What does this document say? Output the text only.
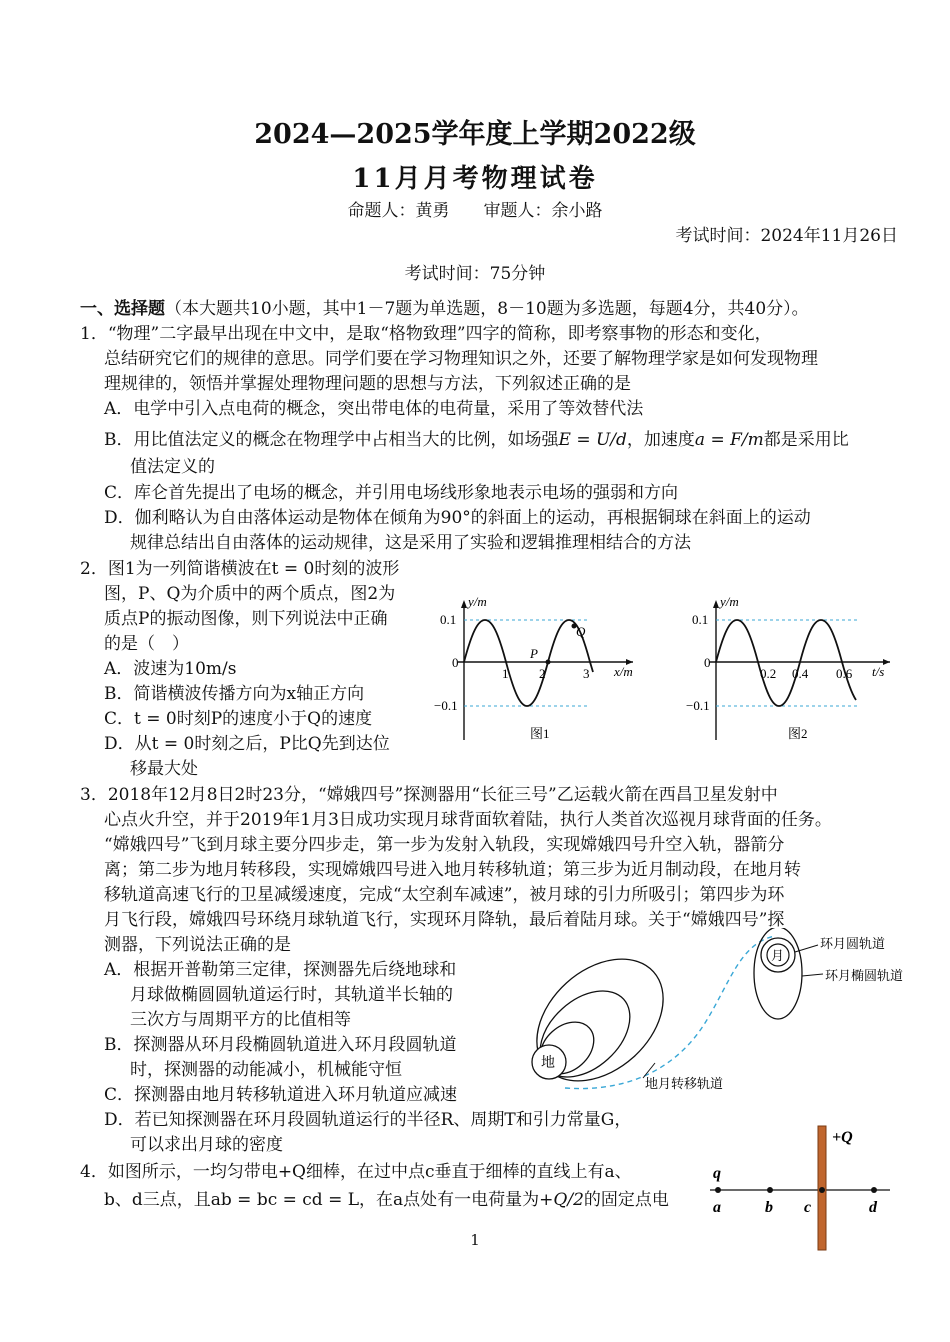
2024—2025学年度上学期2022级
11月月考物理试卷
命题人：黄勇　　审题人：余小路
考试时间：2024年11月26日
考试时间：75分钟
一、选择题（本大题共10小题，其中1－7题为单选题，8－10题为多选题，每题4分，共40分）。
1．“物理”二字最早出现在中文中，是取“格物致理”四字的简称，即考察事物的形态和变化，
总结研究它们的规律的意思。同学们要在学习物理知识之外，还要了解物理学家是如何发现物理
理规律的，领悟并掌握处理物理问题的思想与方法，下列叙述正确的是
A．电学中引入点电荷的概念，突出带电体的电荷量，采用了等效替代法
B．用比值法定义的概念在物理学中占相当大的比例，如场强E = U/d，加速度a = F/m都是采用比
值法定义的
C．库仑首先提出了电场的概念，并引用电场线形象地表示电场的强弱和方向
D．伽利略认为自由落体运动是物体在倾角为90°的斜面上的运动，再根据铜球在斜面上的运动
规律总结出自由落体的运动规律，这是采用了实验和逻辑推理相结合的方法
2．图1为一列简谐横波在t = 0时刻的波形
图，P、Q为介质中的两个质点，图2为
质点P的振动图像，则下列说法中正确
的是（　）
A．波速为10m/s
B．简谐横波传播方向为x轴正方向
C．t = 0时刻P的速度小于Q的速度
D．从t = 0时刻之后，P比Q先到达位
移最大处
y/m
x/m
0.1
0
−0.1
1 2	3
P
Q
图1
y/m
t/s
0.1
0
−0.1
0.2 0.4 0.6
图2
3．2018年12月8日2时23分，“嫦娥四号”探测器用“长征三号”乙运载火箭在西昌卫星发射中
心点火升空，并于2019年1月3日成功实现月球背面软着陆，执行人类首次巡视月球背面的任务。
“嫦娥四号”飞到月球主要分四步走，第一步为发射入轨段，实现嫦娥四号升空入轨，器箭分
离；第二步为地月转移段，实现嫦娥四号进入地月转移轨道；第三步为近月制动段，在地月转
移轨道高速飞行的卫星减缓速度，完成“太空刹车减速”，被月球的引力所吸引；第四步为环
月飞行段，嫦娥四号环绕月球轨道飞行，实现环月降轨，最后着陆月球。关于“嫦娥四号”探
测器，下列说法正确的是
A．根据开普勒第三定律，探测器先后绕地球和
月球做椭圆圆轨道运行时，其轨道半长轴的
三次方与周期平方的比值相等
B．探测器从环月段椭圆轨道进入环月段圆轨道
时，探测器的动能减小，机械能守恒
C．探测器由地月转移轨道进入环月轨道应减速
D．若已知探测器在环月段圆轨道运行的半径R、周期T和引力常量G，
可以求出月球的密度
地
月
环月圆轨道
环月椭圆轨道
地月转移轨道
4．如图所示，一均匀带电+Q细棒，在过中点c垂直于细棒的直线上有a、
b、d三点，且ab = bc = cd = L，在a点处有一电荷量为+Q/2的固定点电
+Q
q
a	b c	d
1
